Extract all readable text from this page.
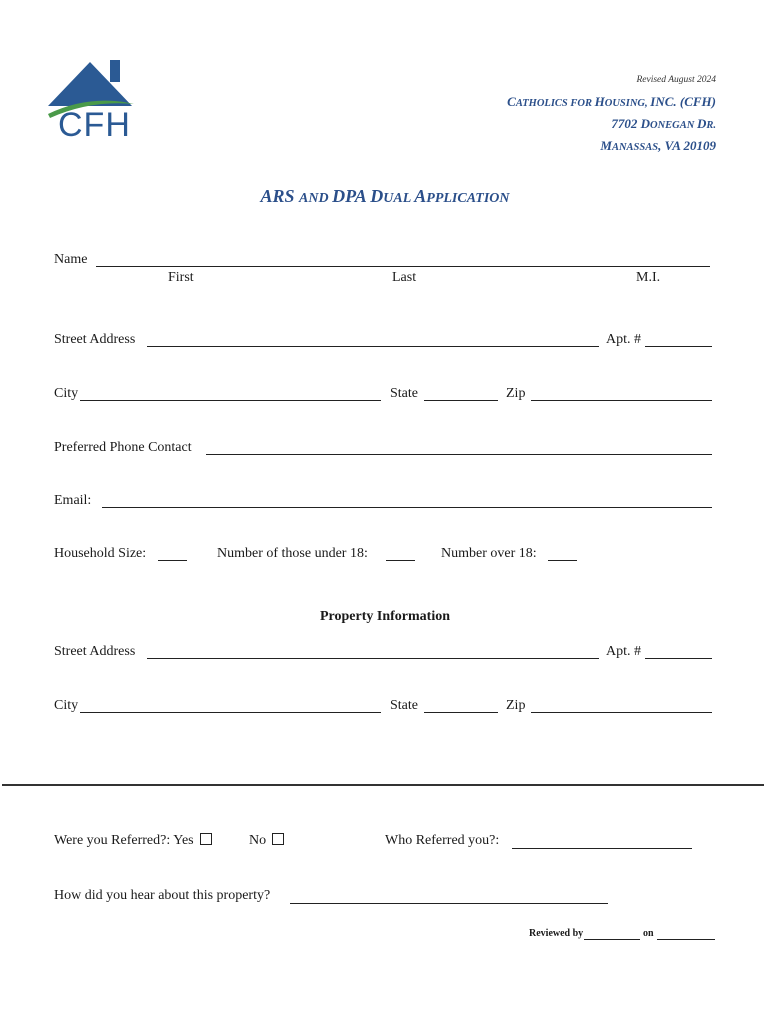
CFH
Revised August 2024
CATHOLICS FOR HOUSING, INC. (CFH)
7702 DONEGAN DR.
MANASSAS, VA 20109
ARS AND DPA DUAL APPLICATION
Name
First	Last	M.I.
Street Address	Apt. #
City	State	Zip
Preferred Phone Contact
Email:
Household Size:	Number of those under 18:	Number over 18:
Property Information
Street Address	Apt. #
City	State	Zip
Were you Referred?: Yes	No	Who Referred you?:
How did you hear about this property?
Reviewed by	on
